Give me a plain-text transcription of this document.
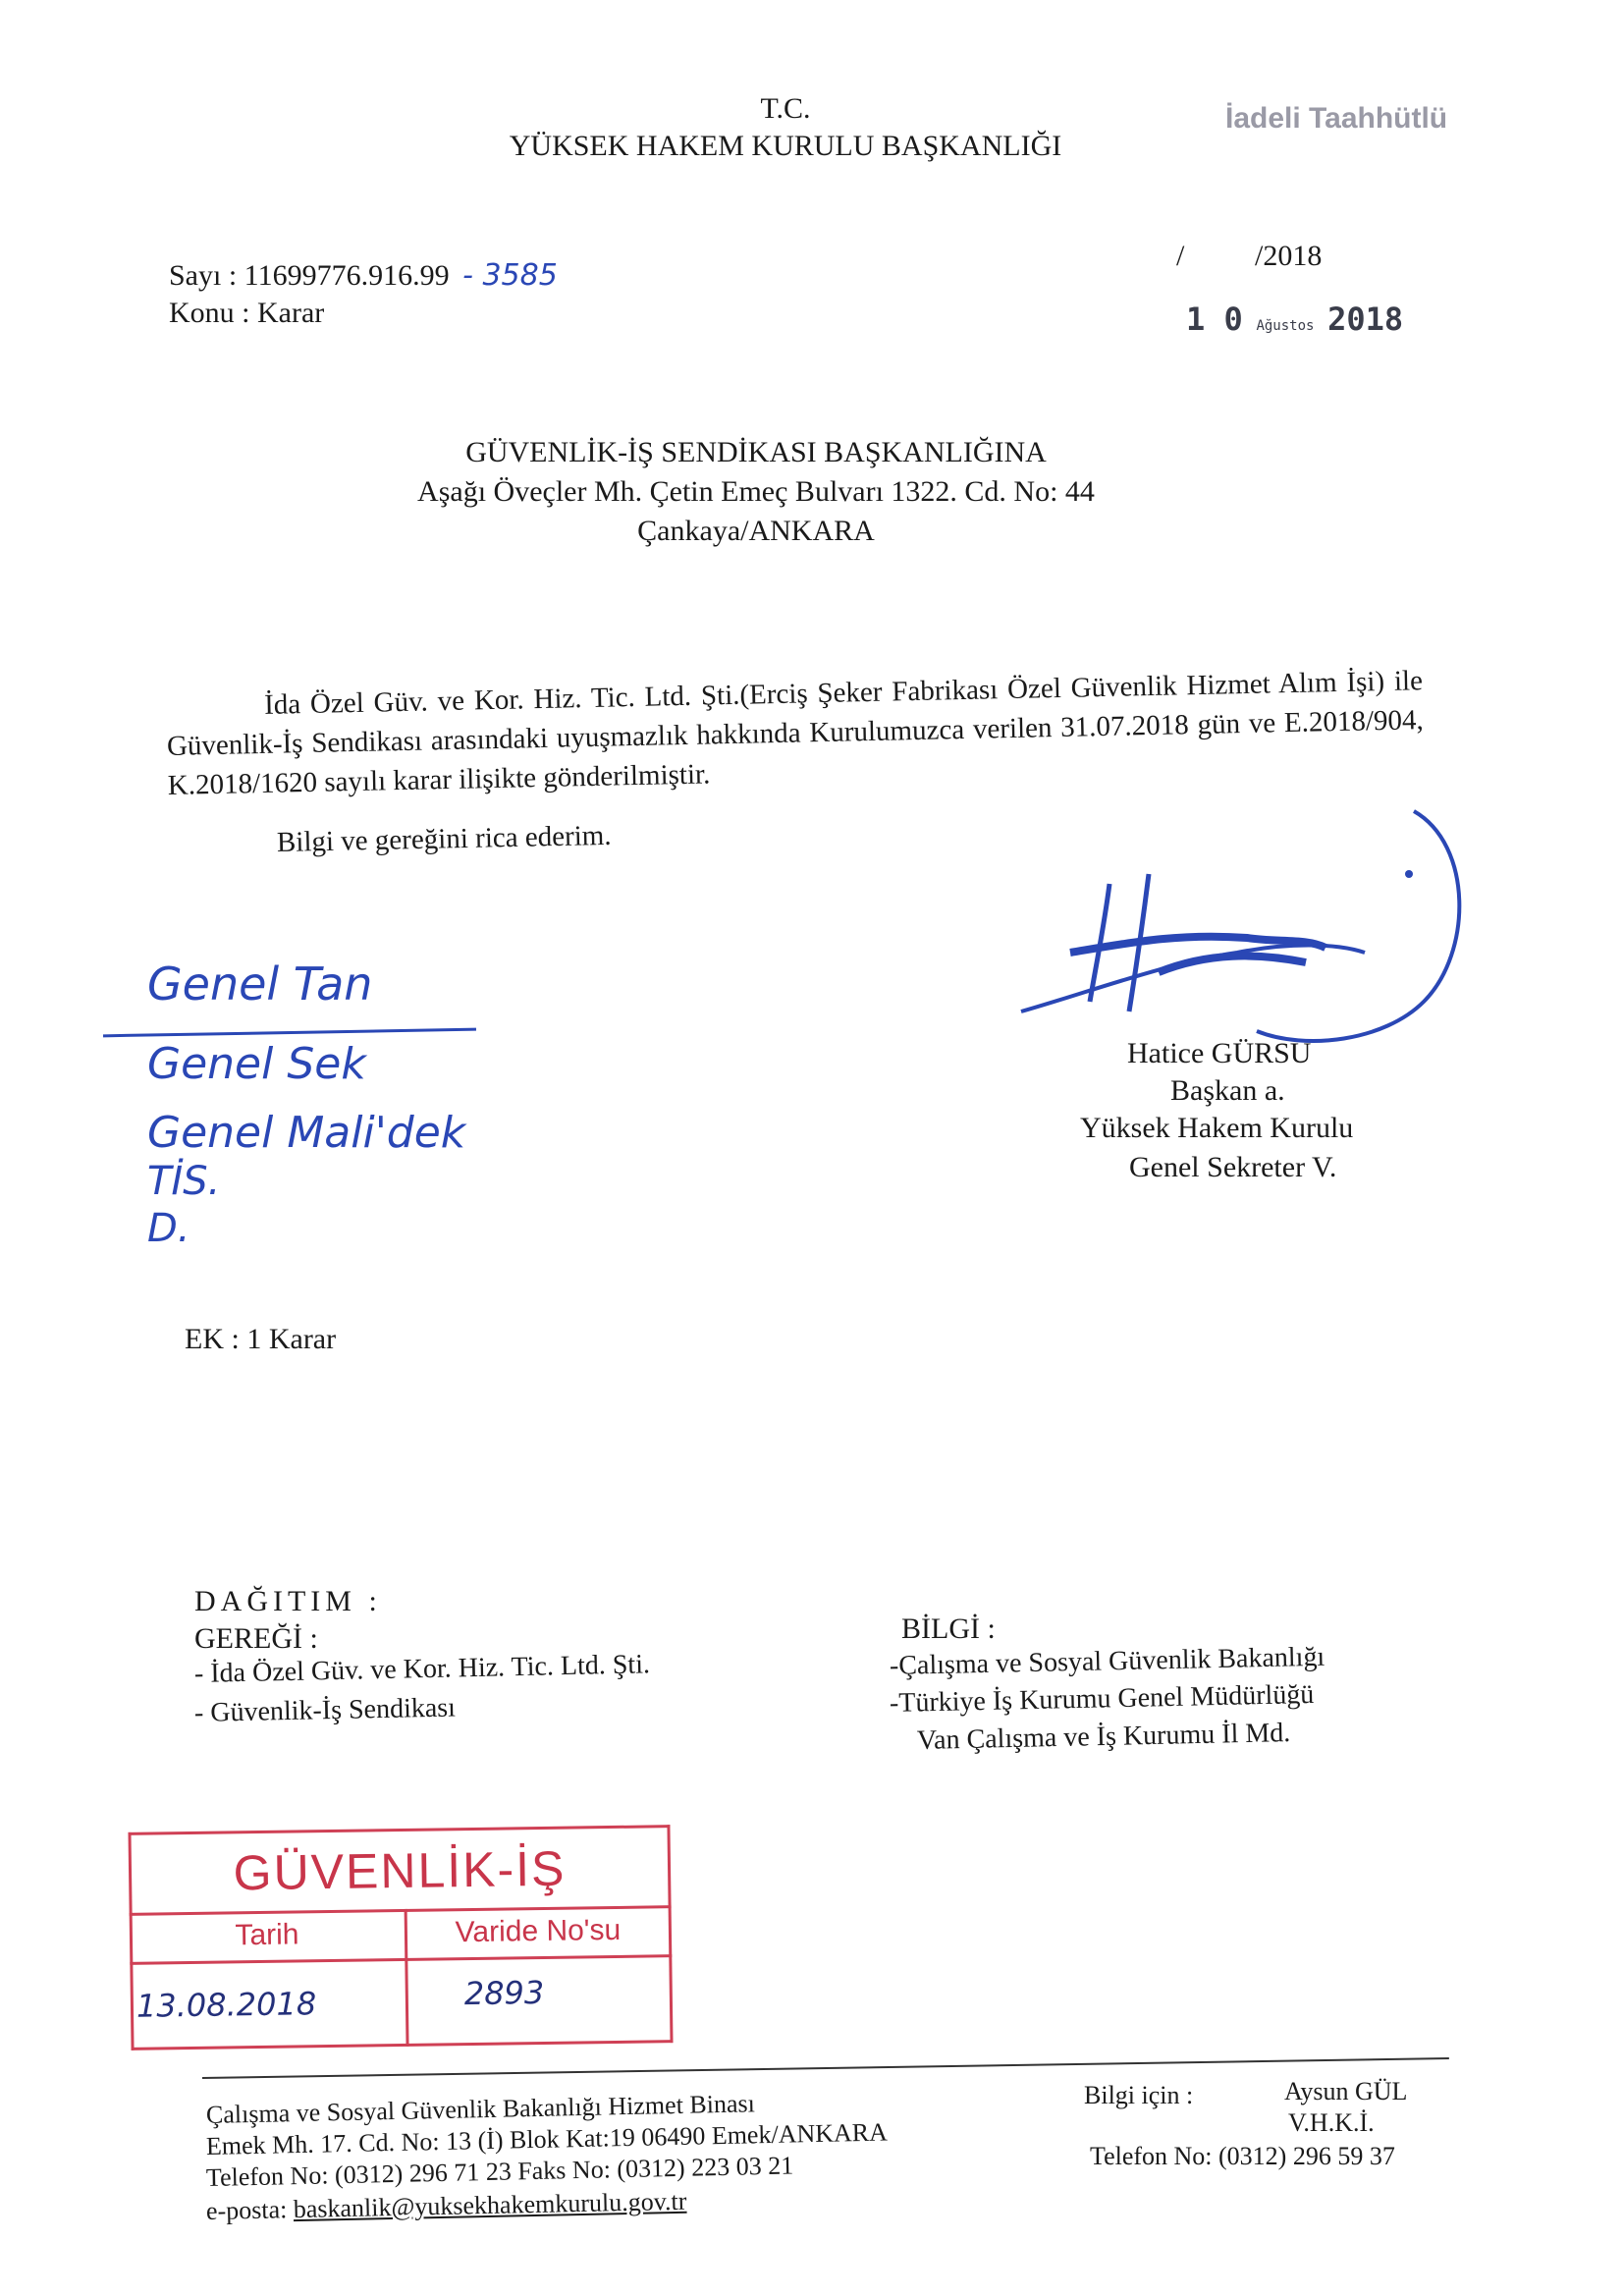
T.C.
YÜKSEK HAKEM KURULU BAŞKANLIĞI
İadeli Taahhütlü
Sayı : 11699776.916.99 - 3585
Konu : Karar
/ /2018
1 0 Ağustos 2018
GÜVENLİK-İŞ SENDİKASI BAŞKANLIĞINA
Aşağı Öveçler Mh. Çetin Emeç Bulvarı 1322. Cd. No: 44
Çankaya/ANKARA
İda Özel Güv. ve Kor. Hiz. Tic. Ltd. Şti.(Erciş Şeker Fabrikası Özel Güvenlik Hizmet Alım İşi) ile Güvenlik-İş Sendikası arasındaki uyuşmazlık hakkında Kurulumuzca verilen 31.07.2018 gün ve E.2018/904, K.2018/1620 sayılı karar ilişikte gönderilmiştir.
Bilgi ve gereğini rica ederim.
Genel Tan
Genel Sek
Genel Mali'dek
TİS.
D.
Hatice GÜRSU
Başkan a.
Yüksek Hakem Kurulu
Genel Sekreter V.
EK : 1 Karar
DAĞITIM :
GEREĞİ :
- İda Özel Güv. ve Kor. Hiz. Tic. Ltd. Şti.
- Güvenlik-İş Sendikası
BİLGİ :
-Çalışma ve Sosyal Güvenlik Bakanlığı
-Türkiye İş Kurumu Genel Müdürlüğü
Van Çalışma ve İş Kurumu İl Md.
GÜVENLİK-İŞ
Tarih	Varide No'su
13.08.2018	2893
Çalışma ve Sosyal Güvenlik Bakanlığı Hizmet Binası
Emek Mh. 17. Cd. No: 13 (İ) Blok Kat:19 06490 Emek/ANKARA
Telefon No: (0312) 296 71 23 Faks No: (0312) 223 03 21
e-posta: baskanlik@yuksekhakemkurulu.gov.tr
Bilgi için :	Aysun GÜL
V.H.K.İ.
Telefon No: (0312) 296 59 37
